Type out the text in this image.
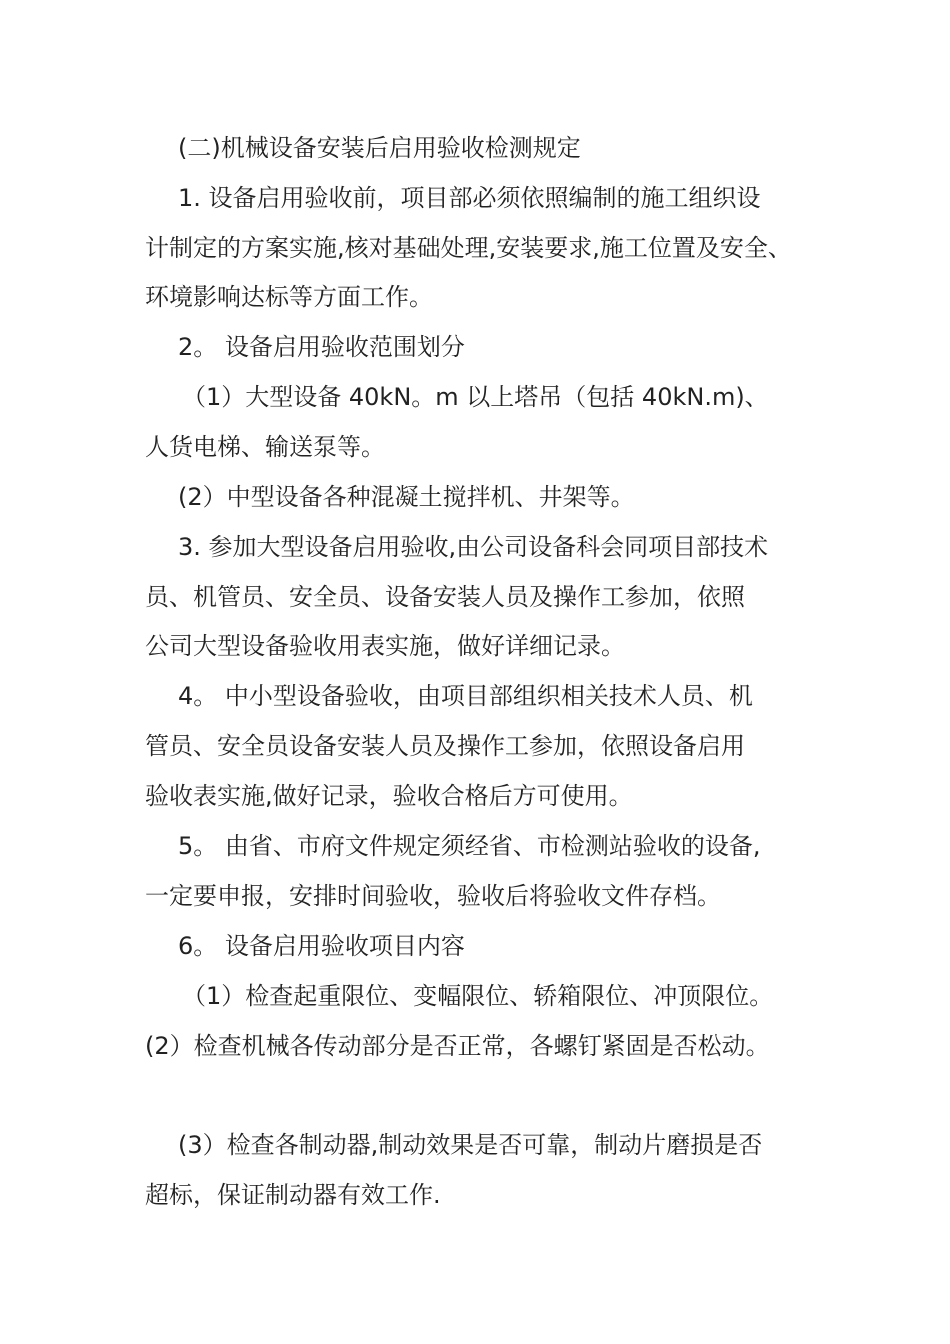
(二)机械设备安装后启用验收检测规定
1. 设备启用验收前，项目部必须依照编制的施工组织设
计制定的方案实施,核对基础处理,安装要求,施工位置及安全、
环境影响达标等方面工作。
2。 设备启用验收范围划分
（1）大型设备 40kN。m 以上塔吊（包括 40kN.m)、
人货电梯、输送泵等。
(2）中型设备各种混凝土搅拌机、井架等。
3. 参加大型设备启用验收,由公司设备科会同项目部技术
员、机管员、安全员、设备安装人员及操作工参加，依照
公司大型设备验收用表实施，做好详细记录。
4。 中小型设备验收，由项目部组织相关技术人员、机
管员、安全员设备安装人员及操作工参加，依照设备启用
验收表实施,做好记录，验收合格后方可使用。
5。 由省、市府文件规定须经省、市检测站验收的设备,
一定要申报，安排时间验收，验收后将验收文件存档。
6。 设备启用验收项目内容
（1）检查起重限位、变幅限位、轿箱限位、冲顶限位。
(2）检查机械各传动部分是否正常，各螺钉紧固是否松动。
(3）检查各制动器,制动效果是否可靠，制动片磨损是否
超标，保证制动器有效工作.
